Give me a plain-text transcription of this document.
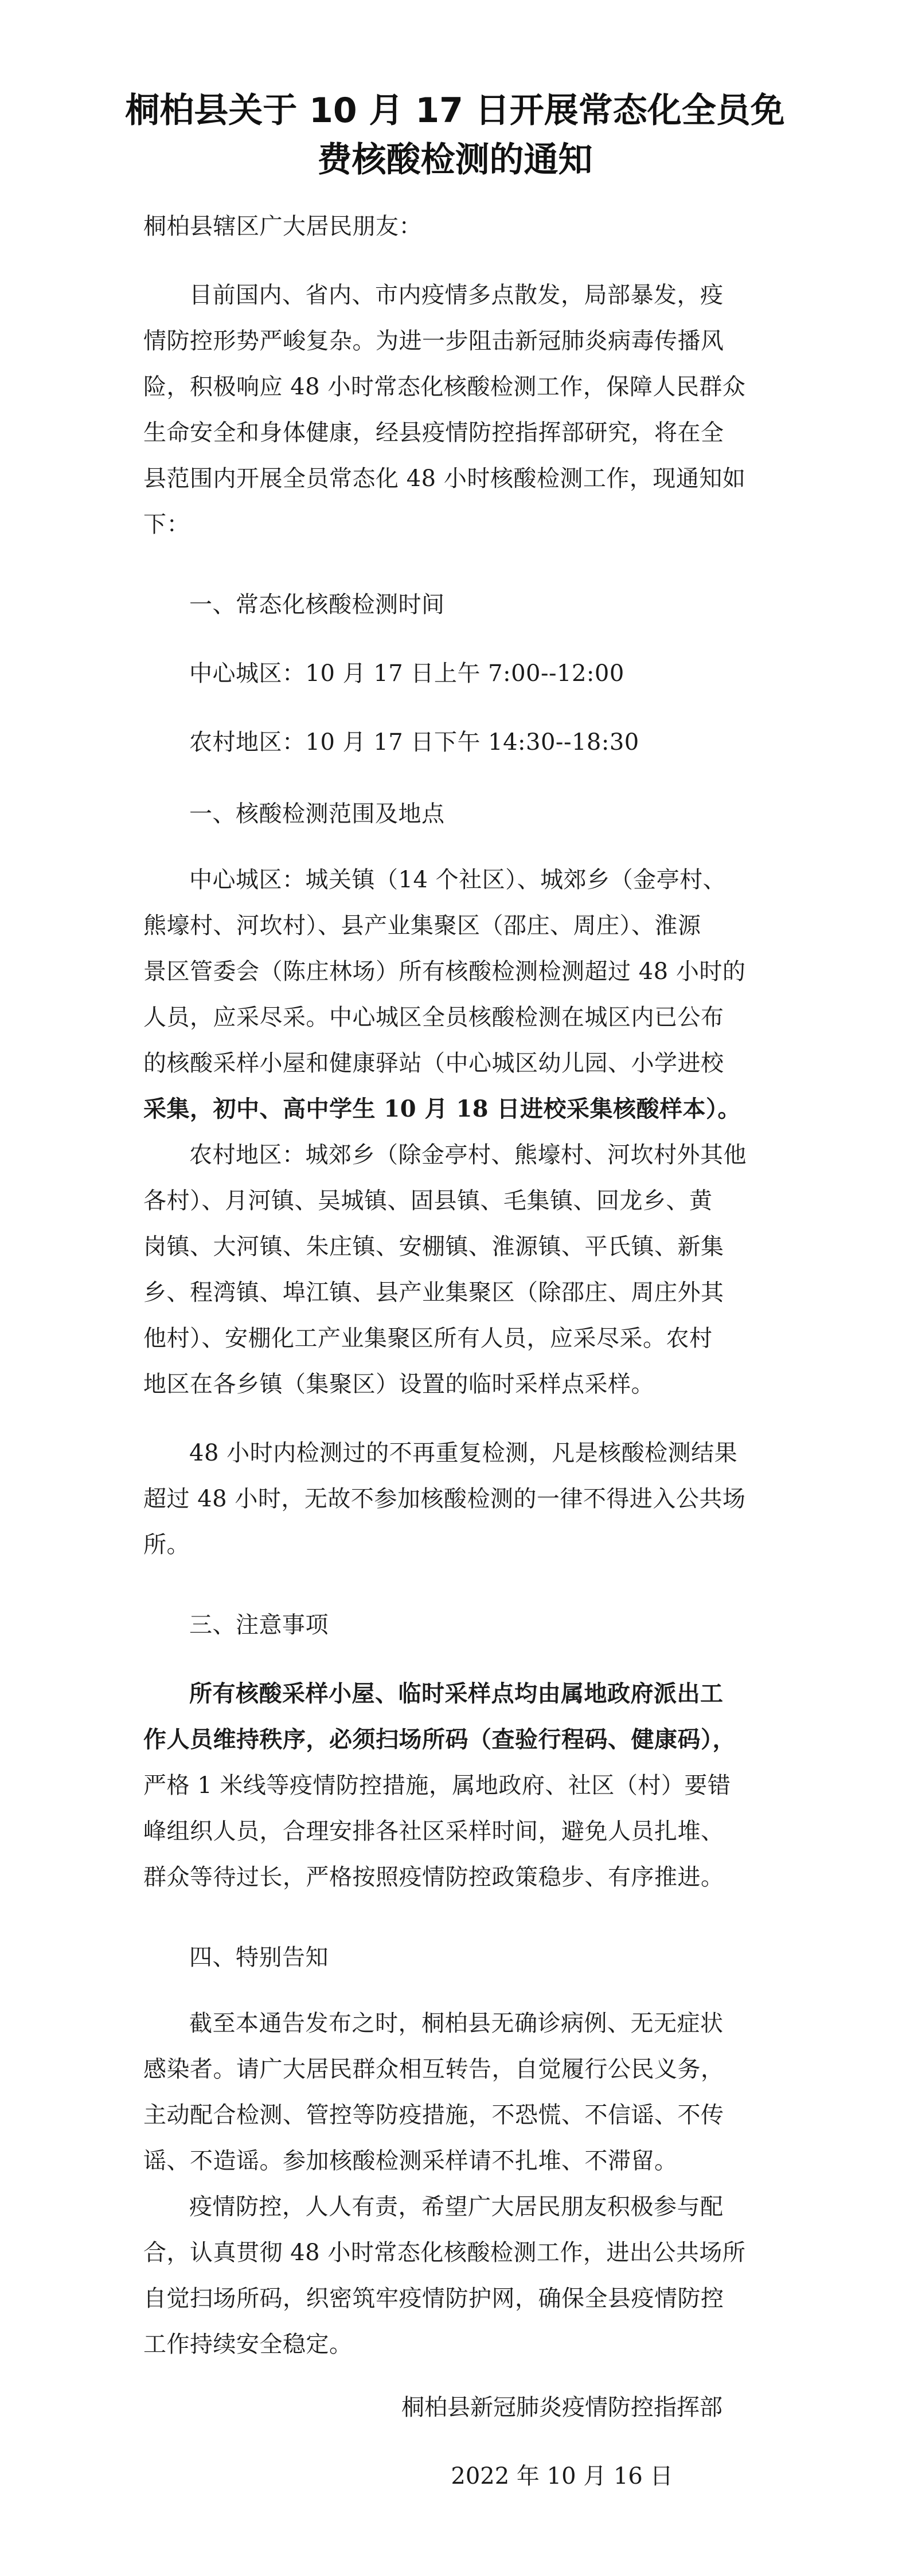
桐柏县关于 10 月 17 日开展常态化全员免
费核酸检测的通知
桐柏县辖区广大居民朋友：
目前国内、省内、市内疫情多点散发，局部暴发，疫
情防控形势严峻复杂。为进一步阻击新冠肺炎病毒传播风
险，积极响应 48 小时常态化核酸检测工作，保障人民群众
生命安全和身体健康，经县疫情防控指挥部研究，将在全
县范围内开展全员常态化 48 小时核酸检测工作，现通知如
下：
一、常态化核酸检测时间
中心城区：10 月 17 日上午 7:00--12:00
农村地区：10 月 17 日下午 14:30--18:30
一、核酸检测范围及地点
中心城区：城关镇（14 个社区）、城郊乡（金亭村、
熊壕村、河坎村）、县产业集聚区（邵庄、周庄）、淮源
景区管委会（陈庄林场）所有核酸检测检测超过 48 小时的
人员，应采尽采。中心城区全员核酸检测在城区内已公布
的核酸采样小屋和健康驿站（中心城区幼儿园、小学进校
采集，初中、高中学生 10 月 18 日进校采集核酸样本）。
农村地区：城郊乡（除金亭村、熊壕村、河坎村外其他
各村）、月河镇、吴城镇、固县镇、毛集镇、回龙乡、黄
岗镇、大河镇、朱庄镇、安棚镇、淮源镇、平氏镇、新集
乡、程湾镇、埠江镇、县产业集聚区（除邵庄、周庄外其
他村）、安棚化工产业集聚区所有人员，应采尽采。农村
地区在各乡镇（集聚区）设置的临时采样点采样。
48 小时内检测过的不再重复检测，凡是核酸检测结果
超过 48 小时，无故不参加核酸检测的一律不得进入公共场
所。
三、注意事项
所有核酸采样小屋、临时采样点均由属地政府派出工
作人员维持秩序，必须扫场所码（查验行程码、健康码），
严格 1 米线等疫情防控措施，属地政府、社区（村）要错
峰组织人员，合理安排各社区采样时间，避免人员扎堆、
群众等待过长，严格按照疫情防控政策稳步、有序推进。
四、特别告知
截至本通告发布之时，桐柏县无确诊病例、无无症状
感染者。请广大居民群众相互转告，自觉履行公民义务，
主动配合检测、管控等防疫措施，不恐慌、不信谣、不传
谣、不造谣。参加核酸检测采样请不扎堆、不滞留。
疫情防控，人人有责，希望广大居民朋友积极参与配
合，认真贯彻 48 小时常态化核酸检测工作，进出公共场所
自觉扫场所码，织密筑牢疫情防护网，确保全县疫情防控
工作持续安全稳定。
桐柏县新冠肺炎疫情防控指挥部
2022 年 10 月 16 日
